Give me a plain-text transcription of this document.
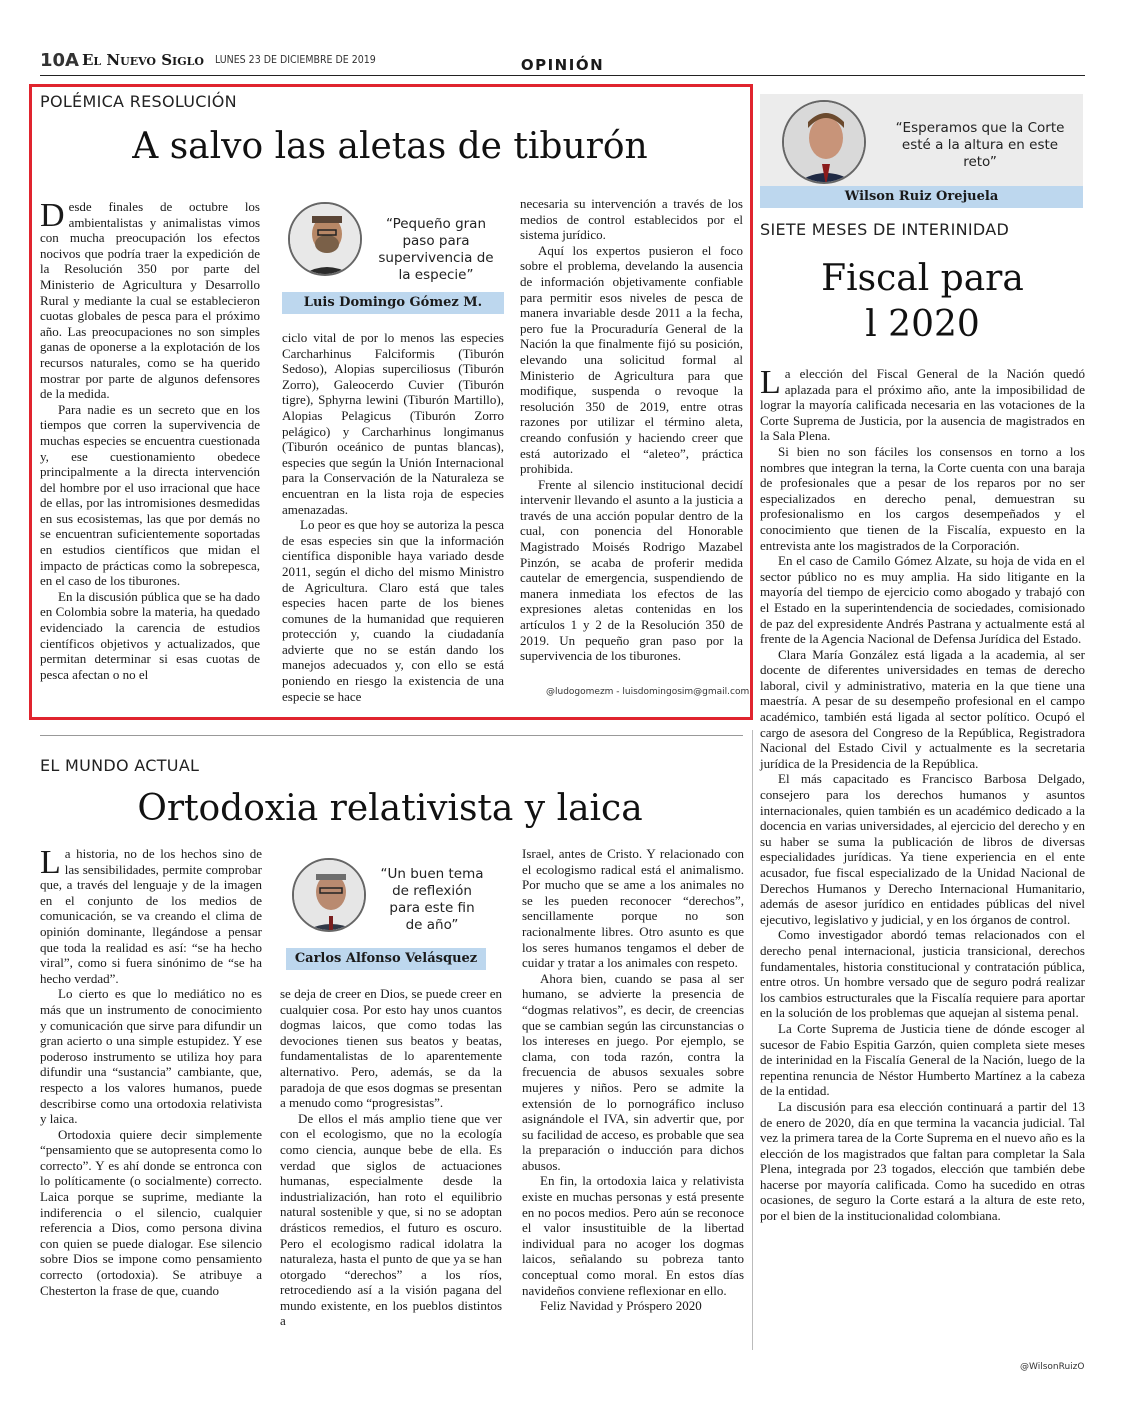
10A El Nuevo Siglo LUNES 23 DE DICIEMBRE DE 2019	OPINIÓN
POLÉMICA RESOLUCIÓN
A salvo las aletas de tiburón

Desde finales de octubre los ambientalistas y animalistas vimos con mucha preocupación los efectos nocivos que podría traer la expedición de la Resolución 350 por parte del Ministerio de Agricultura y Desarrollo Rural y mediante la cual se establecieron cuotas globales de pesca para el próximo año. Las preocupaciones no son simples ganas de oponerse a la explotación de los recursos naturales, como se ha querido mostrar por parte de algunos defensores de la medida.

Para nadie es un secreto que en los tiempos que corren la supervivencia de muchas especies se encuentra cuestionada y, ese cuestionamiento obedece principalmente a la directa intervención del hombre por el uso irracional que hace de ellas, por las intromisiones desmedidas en sus ecosistemas, las que por demás no se encuentran suficientemente soportadas en estudios científicos que midan el impacto de prácticas como la sobrepesca, en el caso de los tiburones.

En la discusión pública que se ha dado en Colombia sobre la materia, ha quedado evidenciado la carencia de estudios científicos objetivos y actualizados, que permitan determinar si esas cuotas de pesca afectan o no el

“Pequeño gran paso para supervivencia de la especie”
Luis Domingo Gómez M.

ciclo vital de por lo menos las especies Carcharhinus Falciformis (Tiburón Sedoso), Alopias superciliosus (Tiburón Zorro), Galeocerdo Cuvier (Tiburón tigre), Sphyrna lewini (Tiburón Martillo), Alopias Pelagicus (Tiburón Zorro pelágico) y Carcharhinus longimanus (Tiburón oceánico de puntas blancas), especies que según la Unión Internacional para la Conservación de la Naturaleza se encuentran en la lista roja de especies amenazadas.

Lo peor es que hoy se autoriza la pesca de esas especies sin que la información científica disponible haya variado desde 2011, según el dicho del mismo Ministro de Agricultura. Claro está que tales especies hacen parte de los bienes comunes de la humanidad que requieren protección y, cuando la ciudadanía advierte que no se están dando los manejos adecuados y, con ello se está poniendo en riesgo la existencia de una especie se hace

necesaria su intervención a través de los medios de control establecidos por el sistema jurídico.

Aquí los expertos pusieron el foco sobre el problema, develando la ausencia de información objetivamente confiable para permitir esos niveles de pesca de manera invariable desde 2011 a la fecha, pero fue la Procuraduría General de la Nación la que finalmente fijó su posición, elevando una solicitud formal al Ministerio de Agricultura para que modifique, suspenda o revoque la resolución 350 de 2019, entre otras razones por utilizar el término aleta, creando confusión y haciendo creer que está autorizado el “aleteo”, práctica prohibida.

Frente al silencio institucional decidí intervenir llevando el asunto a la justicia a través de una acción popular dentro de la cual, con ponencia del Honorable Magistrado Moisés Rodrigo Mazabel Pinzón, se acaba de proferir medida cautelar de emergencia, suspendiendo de manera inmediata los efectos de las expresiones aletas contenidas en los artículos 1 y 2 de la Resolución 350 de 2019. Un pequeño gran paso por la supervivencia de los tiburones.

@ludogomezm - luisdomingosim@gmail.com
EL MUNDO ACTUAL
Ortodoxia relativista y laica

La historia, no de los hechos sino de las sensibilidades, permite comprobar que, a través del lenguaje y de la imagen en el conjunto de los medios de comunicación, se va creando el clima de opinión dominante, llegándose a pensar que toda la realidad es así: “se ha hecho viral”, como si fuera sinónimo de “se ha hecho verdad”.

Lo cierto es que lo mediático no es más que un instrumento de conocimiento y comunicación que sirve para difundir un gran acierto o una simple estupidez. Y ese poderoso instrumento se utiliza hoy para difundir una “sustancia” cambiante, que, respecto a los valores humanos, puede describirse como una ortodoxia relativista y laica.

Ortodoxia quiere decir simplemente “pensamiento que se autopresenta como lo correcto”. Y es ahí donde se entronca con lo políticamente (o socialmente) correcto. Laica porque se suprime, mediante la indiferencia o el silencio, cualquier referencia a Dios, como persona divina con quien se puede dialogar. Ese silencio sobre Dios se impone como pensamiento correcto (ortodoxia). Se atribuye a Chesterton la frase de que, cuando

“Un buen tema de reflexión para este fin de año”
Carlos Alfonso Velásquez

se deja de creer en Dios, se puede creer en cualquier cosa. Por esto hay unos cuantos dogmas laicos, que como todas las devociones tienen sus beatos y beatas, fundamentalistas de lo aparentemente alternativo. Pero, además, se da la paradoja de que esos dogmas se presentan a menudo como “progresistas”.

De ellos el más amplio tiene que ver con el ecologismo, que no la ecología como ciencia, aunque bebe de ella. Es verdad que siglos de actuaciones humanas, especialmente desde la industrialización, han roto el equilibrio natural sostenible y que, si no se adoptan drásticos remedios, el futuro es oscuro. Pero el ecologismo radical idolatra la naturaleza, hasta el punto de que ya se han otorgado “derechos” a los ríos, retrocediendo así a la visión pagana del mundo existente, en los pueblos distintos a

Israel, antes de Cristo. Y relacionado con el ecologismo radical está el animalismo. Por mucho que se ame a los animales no se les pueden reconocer “derechos”, sencillamente porque no son racionalmente libres. Otro asunto es que los seres humanos tengamos el deber de cuidar y tratar a los animales con respeto.

Ahora bien, cuando se pasa al ser humano, se advierte la presencia de “dogmas relativos”, es decir, de creencias que se cambian según las circunstancias o los intereses en juego. Por ejemplo, se clama, con toda razón, contra la frecuencia de abusos sexuales sobre mujeres y niños. Pero se admite la extensión de lo pornográfico incluso asignándole el IVA, sin advertir que, por su facilidad de acceso, es probable que sea la preparación o inducción para dichos abusos.

En fin, la ortodoxia laica y relativista existe en muchas personas y está presente en no pocos medios. Pero aún se reconoce el valor insustituible de la libertad individual para no acoger los dogmas laicos, señalando su pobreza tanto conceptual como moral. En estos días navideños conviene reflexionar en ello.

Feliz Navidad y Próspero 2020

“Esperamos que la Corte esté a la altura en este reto”
Wilson Ruiz Orejuela
SIETE MESES DE INTERINIDAD
Fiscal para
l 2020

La elección del Fiscal General de la Nación quedó aplazada para el próximo año, ante la imposibilidad de lograr la mayoría calificada necesaria en las votaciones de la Corte Suprema de Justicia, por la ausencia de magistrados en la Sala Plena.

Si bien no son fáciles los consensos en torno a los nombres que integran la terna, la Corte cuenta con una baraja de profesionales que a pesar de los reparos por no ser especializados en derecho penal, demuestran su profesionalismo en los cargos desempeñados y el conocimiento que tienen de la Fiscalía, expuesto en la entrevista ante los magistrados de la Corporación.

En el caso de Camilo Gómez Alzate, su hoja de vida en el sector público no es muy amplia. Ha sido litigante en la mayoría del tiempo de ejercicio como abogado y trabajó con el Estado en la superintendencia de sociedades, comisionado de paz del expresidente Andrés Pastrana y actualmente está al frente de la Agencia Nacional de Defensa Jurídica del Estado.

Clara María González está ligada a la academia, al ser docente de diferentes universidades en temas de derecho laboral, civil y administrativo, materia en la que tiene una maestría. A pesar de su desempeño profesional en el campo académico, también está ligada al sector político. Ocupó el cargo de asesora del Congreso de la República, Registradora Nacional del Estado Civil y actualmente es la secretaria jurídica de la Presidencia de la República.

El más capacitado es Francisco Barbosa Delgado, consejero para los derechos humanos y asuntos internacionales, quien también es un académico dedicado a la docencia en varias universidades, al ejercicio del derecho y en su haber se suma la publicación de libros de diversas especialidades jurídicas. Ya tiene experiencia en el ente acusador, fue fiscal especializado de la Unidad Nacional de Derechos Humanos y Derecho Internacional Humanitario, además de asesor jurídico en entidades públicas del nivel ejecutivo, legislativo y judicial, y en los órganos de control.

Como investigador abordó temas relacionados con el derecho penal internacional, justicia transicional, derechos fundamentales, historia constitucional y contratación pública, entre otros. Un hombre versado que de seguro podrá realizar los cambios estructurales que la Fiscalía requiere para aportar en la solución de los problemas que aquejan al sistema penal.

La Corte Suprema de Justicia tiene de dónde escoger al sucesor de Fabio Espitia Garzón, quien completa siete meses de interinidad en la Fiscalía General de la Nación, luego de la repentina renuncia de Néstor Humberto Martínez a la cabeza de la entidad.

La discusión para esa elección continuará a partir del 13 de enero de 2020, día en que termina la vacancia judicial. Tal vez la primera tarea de la Corte Suprema en el nuevo año es la elección de los magistrados que faltan para completar la Sala Plena, integrada por 23 togados, elección que también debe hacerse por mayoría calificada. Como ha sucedido en otras ocasiones, de seguro la Corte estará a la altura de este reto, por el bien de la institucionalidad colombiana.

@WilsonRuizO
